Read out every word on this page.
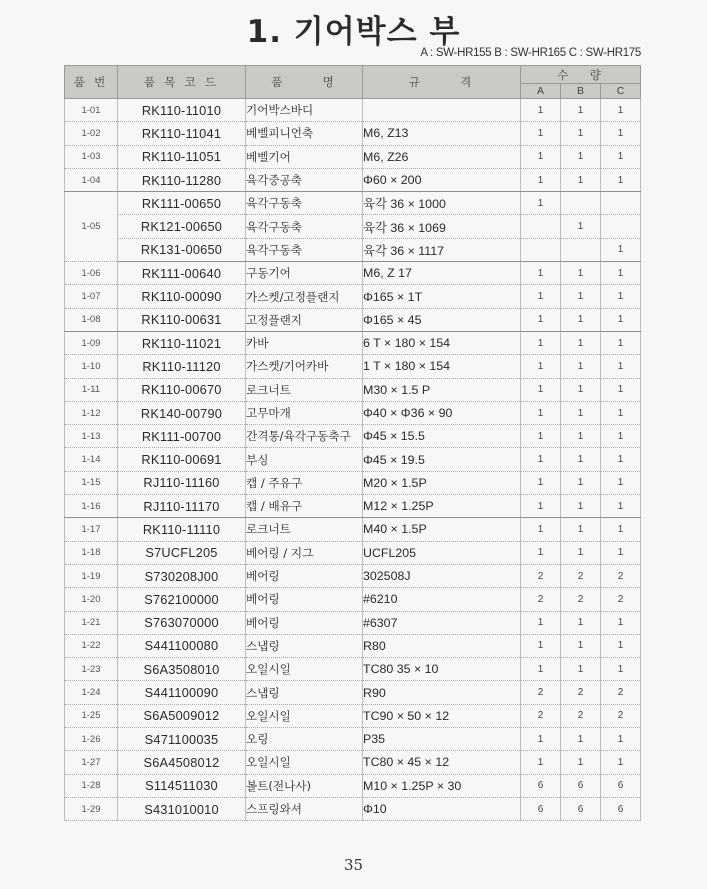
1. 기어박스 부
A : SW-HR155 B : SW-HR165 C : SW-HR175
품 번	품 목 코 드	품      명	규      격	수   량		
				A	B	C
1-01	RK110-11010	기어박스바디		1	1	1
1-02	RK110-11041	베벨피니언축	M6, Z13	1	1	1
1-03	RK110-11051	베벨기어	M6, Z26	1	1	1
1-04	RK110-11280	육각중공축	Φ60 × 200	1	1	1
1-05	RK111-00650	육각구동축	육각 36 × 1000	1		
	RK121-00650	육각구동축	육각 36 × 1069		1	
	RK131-00650	육각구동축	육각 36 × 1117			1
1-06	RK111-00640	구동기어	M6, Z 17	1	1	1
1-07	RK110-00090	가스켓/고정플랜지	Φ165 × 1T	1	1	1
1-08	RK110-00631	고정플랜지	Φ165 × 45	1	1	1
1-09	RK110-11021	카바	6 T × 180 × 154	1	1	1
1-10	RK110-11120	가스켓/기어카바	1 T × 180 × 154	1	1	1
1-11	RK110-00670	로크너트	M30 × 1.5 P	1	1	1
1-12	RK140-00790	고무마개	Φ40 × Φ36 × 90	1	1	1
1-13	RK111-00700	간격통/육각구동축구	Φ45 × 15.5	1	1	1
1-14	RK110-00691	부싱	Φ45 × 19.5	1	1	1
1-15	RJ110-11160	캡 / 주유구	M20 × 1.5P	1	1	1
1-16	RJ110-11170	캡 / 배유구	M12 × 1.25P	1	1	1
1-17	RK110-11110	로크너트	M40 × 1.5P	1	1	1
1-18	S7UCFL205	베어링 / 지그	UCFL205	1	1	1
1-19	S730208J00	베어링	302508J	2	2	2
1-20	S762100000	베어링	#6210	2	2	2
1-21	S763070000	베어링	#6307	1	1	1
1-22	S441100080	스냅링	R80	1	1	1
1-23	S6A3508010	오일시일	TC80 35 × 10	1	1	1
1-24	S441100090	스냅링	R90	2	2	2
1-25	S6A5009012	오일시일	TC90 × 50 × 12	2	2	2
1-26	S471100035	오링	P35	1	1	1
1-27	S6A4508012	오일시일	TC80 × 45 × 12	1	1	1
1-28	S114511030	볼트(전나사)	M10 × 1.25P × 30	6	6	6
1-29	S431010010	스프링와셔	Φ10	6	6	6
35
